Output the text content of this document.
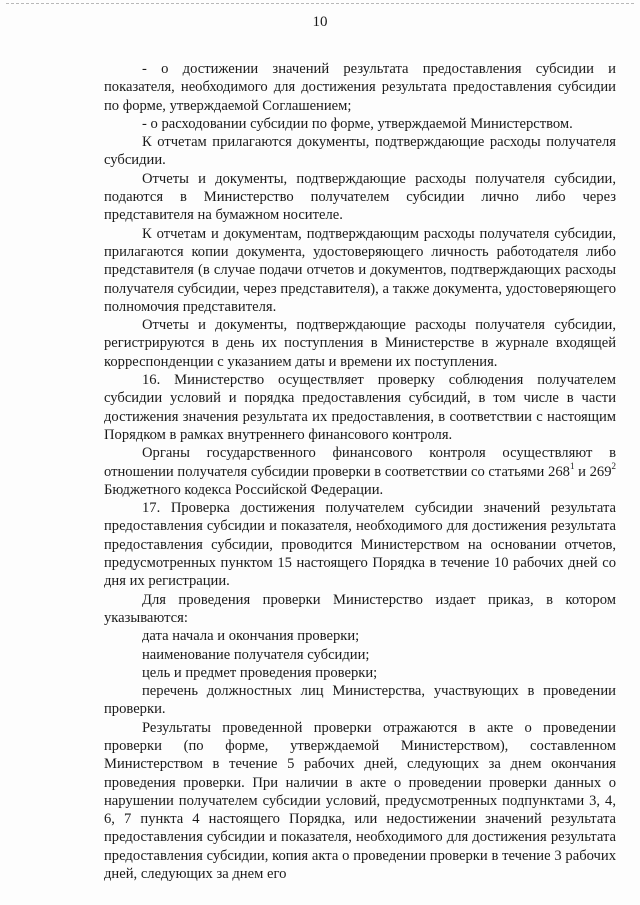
10

- о достижении значений результата предоставления субсидии и показателя, необходимого для достижения результата предоставления субсидии по форме, утверждаемой Соглашением;

- о расходовании субсидии по форме, утверждаемой Министерством.

К отчетам прилагаются документы, подтверждающие расходы получателя субсидии.

Отчеты и документы, подтверждающие расходы получателя субсидии, подаются в Министерство получателем субсидии лично либо через представителя на бумажном носителе.

К отчетам и документам, подтверждающим расходы получателя субсидии, прилагаются копии документа, удостоверяющего личность работодателя либо представителя (в случае подачи отчетов и документов, подтверждающих расходы получателя субсидии, через представителя), а также документа, удостоверяющего полномочия представителя.

Отчеты и документы, подтверждающие расходы получателя субсидии, регистрируются в день их поступления в Министерстве в журнале входящей корреспонденции с указанием даты и времени их поступления.

16. Министерство осуществляет проверку соблюдения получателем субсидии условий и порядка предоставления субсидий, в том числе в части достижения значения результата их предоставления, в соответствии с настоящим Порядком в рамках внутреннего финансового контроля.

Органы государственного финансового контроля осуществляют в отношении получателя субсидии проверки в соответствии со статьями $268^1$ и $269^2$ Бюджетного кодекса Российской Федерации.

17. Проверка достижения получателем субсидии значений результата предоставления субсидии и показателя, необходимого для достижения результата предоставления субсидии, проводится Министерством на основании отчетов, предусмотренных пунктом 15 настоящего Порядка в течение 10 рабочих дней со дня их регистрации.

Для проведения проверки Министерство издает приказ, в котором указываются:

дата начала и окончания проверки;

наименование получателя субсидии;

цель и предмет проведения проверки;

перечень должностных лиц Министерства, участвующих в проведении проверки.

Результаты проведенной проверки отражаются в акте о проведении проверки (по форме, утверждаемой Министерством), составленном Министерством в течение 5 рабочих дней, следующих за днем окончания проведения проверки. При наличии в акте о проведении проверки данных о нарушении получателем субсидии условий, предусмотренных подпунктами 3, 4, 6, 7 пункта 4 настоящего Порядка, или недостижении значений результата предоставления субсидии и показателя, необходимого для достижения результата предоставления субсидии, копия акта о проведении проверки в течение 3 рабочих дней, следующих за днем его
